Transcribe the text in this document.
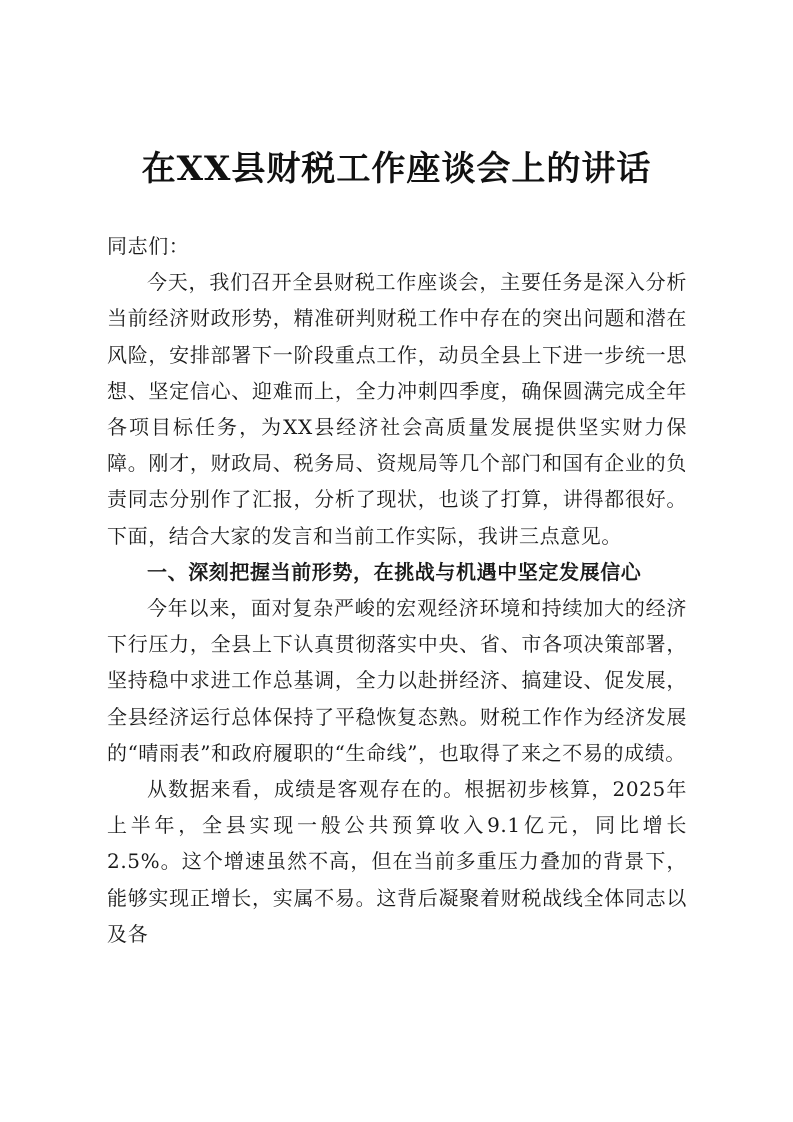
在XX县财税工作座谈会上的讲话

同志们：

今天，我们召开全县财税工作座谈会，主要任务是深入分析当前经济财政形势，精准研判财税工作中存在的突出问题和潜在风险，安排部署下一阶段重点工作，动员全县上下进一步统一思想、坚定信心、迎难而上，全力冲刺四季度，确保圆满完成全年各项目标任务，为XX县经济社会高质量发展提供坚实财力保障。刚才，财政局、税务局、资规局等几个部门和国有企业的负责同志分别作了汇报，分析了现状，也谈了打算，讲得都很好。下面，结合大家的发言和当前工作实际，我讲三点意见。

一、深刻把握当前形势，在挑战与机遇中坚定发展信心

今年以来，面对复杂严峻的宏观经济环境和持续加大的经济下行压力，全县上下认真贯彻落实中央、省、市各项决策部署，坚持稳中求进工作总基调，全力以赴拼经济、搞建设、促发展，全县经济运行总体保持了平稳恢复态熟。财税工作作为经济发展的“晴雨表”和政府履职的“生命线”，也取得了来之不易的成绩。

从数据来看，成绩是客观存在的。根据初步核算，2025年上半年，全县实现一般公共预算收入9.1亿元，同比增长2.5%。这个增速虽然不高，但在当前多重压力叠加的背景下，能够实现正增长，实属不易。这背后凝聚着财税战线全体同志以及各
